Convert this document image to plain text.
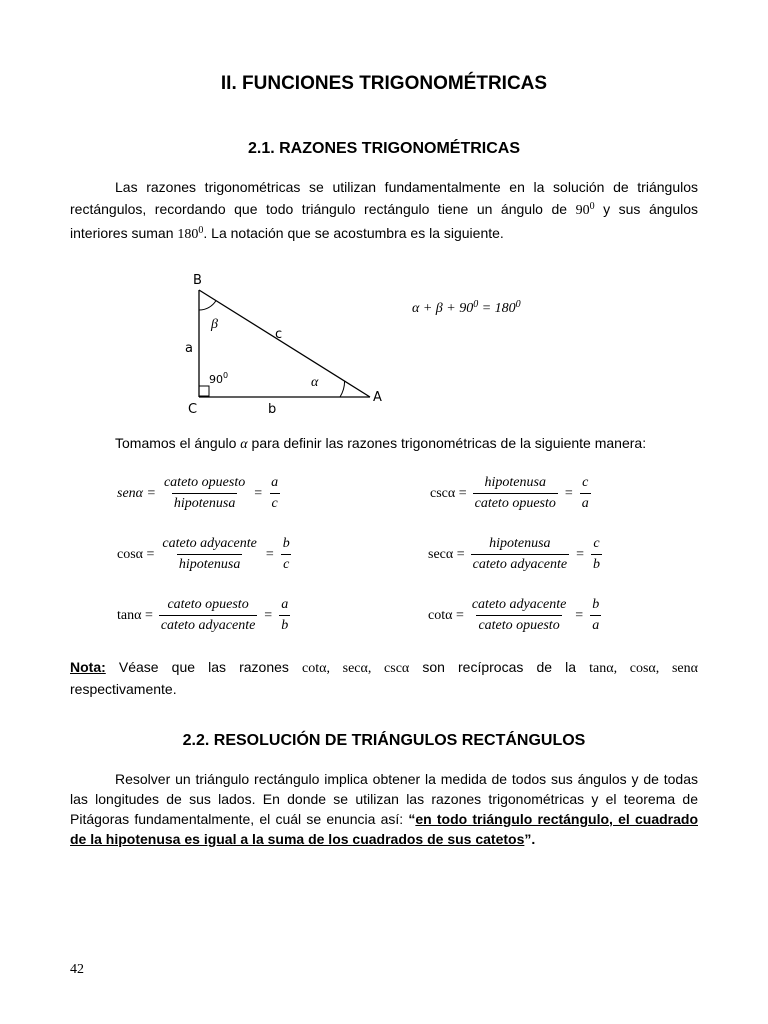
II. FUNCIONES TRIGONOMÉTRICAS
2.1. RAZONES TRIGONOMÉTRICAS
Las razones trigonométricas se utilizan fundamentalmente en la solución de triángulos rectángulos, recordando que todo triángulo rectángulo tiene un ángulo de $90^0$ y sus ángulos interiores suman $180^0$. La notación que se acostumbra es la siguiente.
B
C
A
a
b
c
β
α
$90^0$
$\alpha + \beta + 90^0 = 180^0$
Tomamos el ángulo α para definir las razones trigonométricas de la siguiente manera:
$sen\alpha = \frac{\text{cateto opuesto}}{\text{hipotenusa}} = \frac{a}{c}$	$\csc\alpha = \frac{\text{hipotenusa}}{\text{cateto opuesto}} = \frac{c}{a}$
$\cos\alpha = \frac{\text{cateto adyacente}}{\text{hipotenusa}} = \frac{b}{c}$	$\sec\alpha = \frac{\text{hipotenusa}}{\text{cateto adyacente}} = \frac{c}{b}$
$\tan\alpha = \frac{\text{cateto opuesto}}{\text{cateto adyacente}} = \frac{a}{b}$	$\cot\alpha = \frac{\text{cateto adyacente}}{\text{cateto opuesto}} = \frac{b}{a}$
Nota: Véase que las razones cotα, secα, cscα son recíprocas de la tanα, cosα, senα respectivamente.
2.2. RESOLUCIÓN DE TRIÁNGULOS RECTÁNGULOS
Resolver un triángulo rectángulo implica obtener la medida de todos sus ángulos y de todas las longitudes de sus lados. En donde se utilizan las razones trigonométricas y el teorema de Pitágoras fundamentalmente, el cuál se enuncia así: “en todo triángulo rectángulo, el cuadrado de la hipotenusa es igual a la suma de los cuadrados de sus catetos”.
42
